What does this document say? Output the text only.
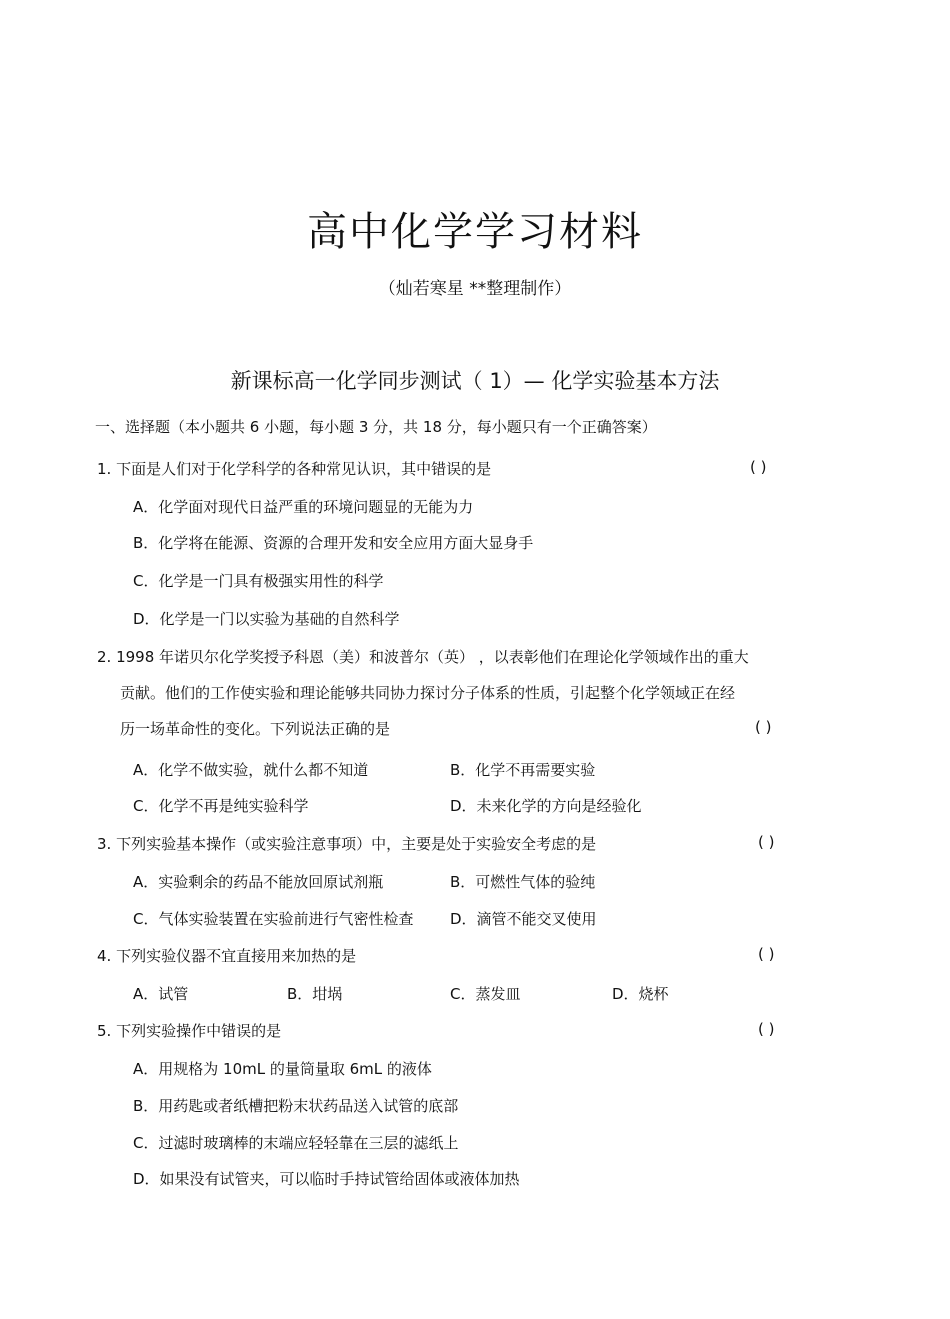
高中化学学习材料
（灿若寒星 **整理制作）
新课标高一化学同步测试（ 1）— 化学实验基本方法
一、选择题（本小题共 6 小题，每小题 3 分，共 18 分，每小题只有一个正确答案）
1. 下面是人们对于化学科学的各种常见认识，其中错误的是	( )
A．化学面对现代日益严重的环境问题显的无能为力
B．化学将在能源、资源的合理开发和安全应用方面大显身手
C．化学是一门具有极强实用性的科学
D．化学是一门以实验为基础的自然科学
2. 1998 年诺贝尔化学奖授予科恩（美）和波普尔（英） ，以表彰他们在理论化学领域作出的重大
贡献。他们的工作使实验和理论能够共同协力探讨分子体系的性质，引起整个化学领域正在经
历一场革命性的变化。下列说法正确的是	( )
A．化学不做实验，就什么都不知道	B．化学不再需要实验
C．化学不再是纯实验科学	D．未来化学的方向是经验化
3. 下列实验基本操作（或实验注意事项）中，主要是处于实验安全考虑的是	( )
A．实验剩余的药品不能放回原试剂瓶	B．可燃性气体的验纯
C．气体实验装置在实验前进行气密性检查 D．滴管不能交叉使用
4. 下列实验仪器不宜直接用来加热的是	( )
A．试管	B．坩埚	C．蒸发皿	D．烧杯
5. 下列实验操作中错误的是	( )
A．用规格为 10mL 的量筒量取 6mL 的液体
B．用药匙或者纸槽把粉末状药品送入试管的底部
C．过滤时玻璃棒的末端应轻轻靠在三层的滤纸上
D．如果没有试管夹，可以临时手持试管给固体或液体加热
